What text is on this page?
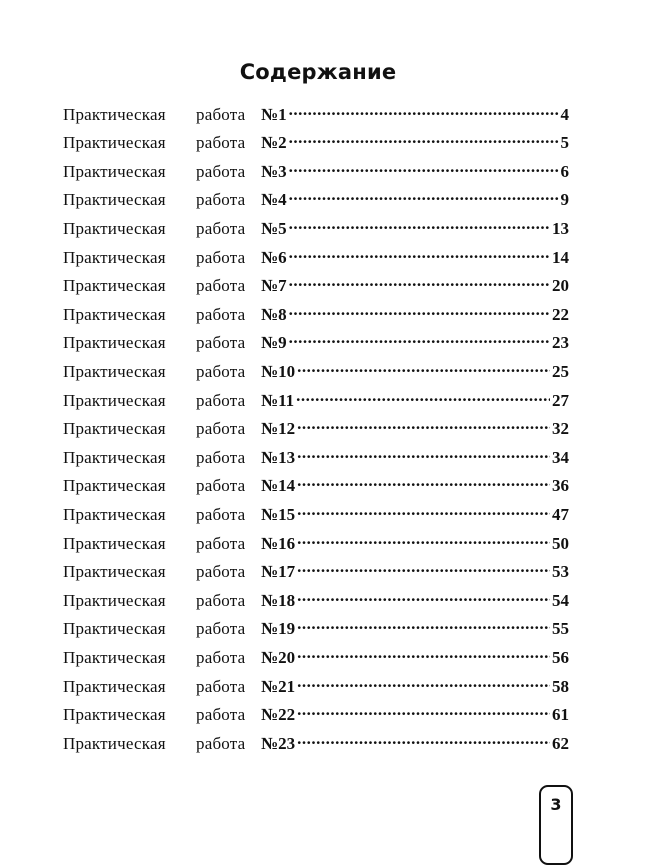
Содержание
Практическая	работа №1 .....	4
Практическая	работа №2 .....	5
Практическая	работа №3 .....	6
Практическая	работа №4 .....	9
Практическая	работа №5 .....	13
Практическая	работа №6 .....	14
Практическая	работа №7 .....	20
Практическая	работа №8 .....	22
Практическая	работа №9 .....	23
Практическая	работа №10 .....	25
Практическая	работа №11 .....	27
Практическая	работа №12 .....	32
Практическая	работа №13 .....	34
Практическая	работа №14 .....	36
Практическая	работа №15 .....	47
Практическая	работа №16 .....	50
Практическая	работа №17 .....	53
Практическая	работа №18 .....	54
Практическая	работа №19 .....	55
Практическая	работа №20 .....	56
Практическая	работа №21 .....	58
Практическая	работа №22 .....	61
Практическая	работа №23 .....	62
3
